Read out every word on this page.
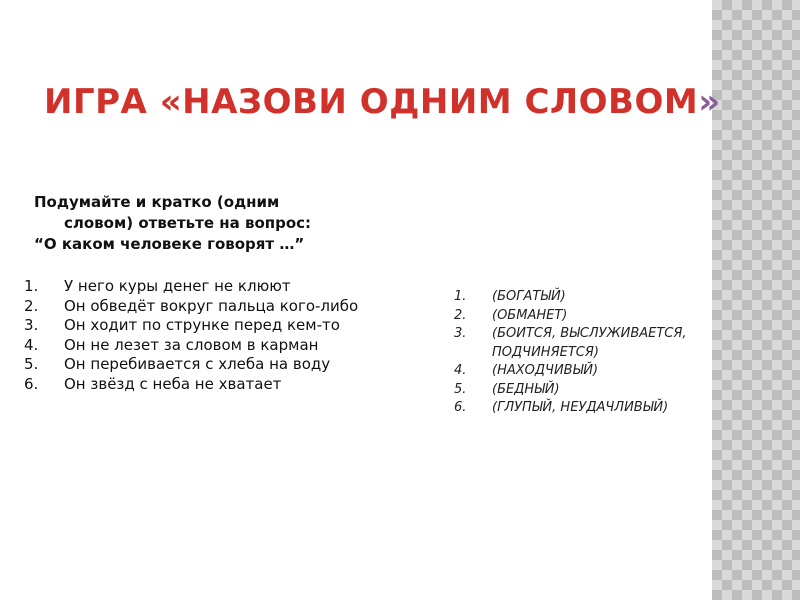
ИГРА «НАЗОВИ ОДНИМ СЛОВОМ»
Подумайте и кратко (одним
словом) ответьте на вопрос:
“О каком человеке говорят …”
1. У него куры денег не клюют
2. Он обведёт вокруг пальца кого-либо
3. Он ходит по струнке перед кем-то
4. Он не лезет за словом в карман
5. Он перебивается с хлеба на воду
6. Он звёзд с неба не хватает
1. (БОГАТЫЙ)
2. (ОБМАНЕТ)
3. (БОИТСЯ, ВЫСЛУЖИВАЕТСЯ, ПОДЧИНЯЕТСЯ)
4. (НАХОДЧИВЫЙ)
5. (БЕДНЫЙ)
6. (ГЛУПЫЙ, НЕУДАЧЛИВЫЙ)
